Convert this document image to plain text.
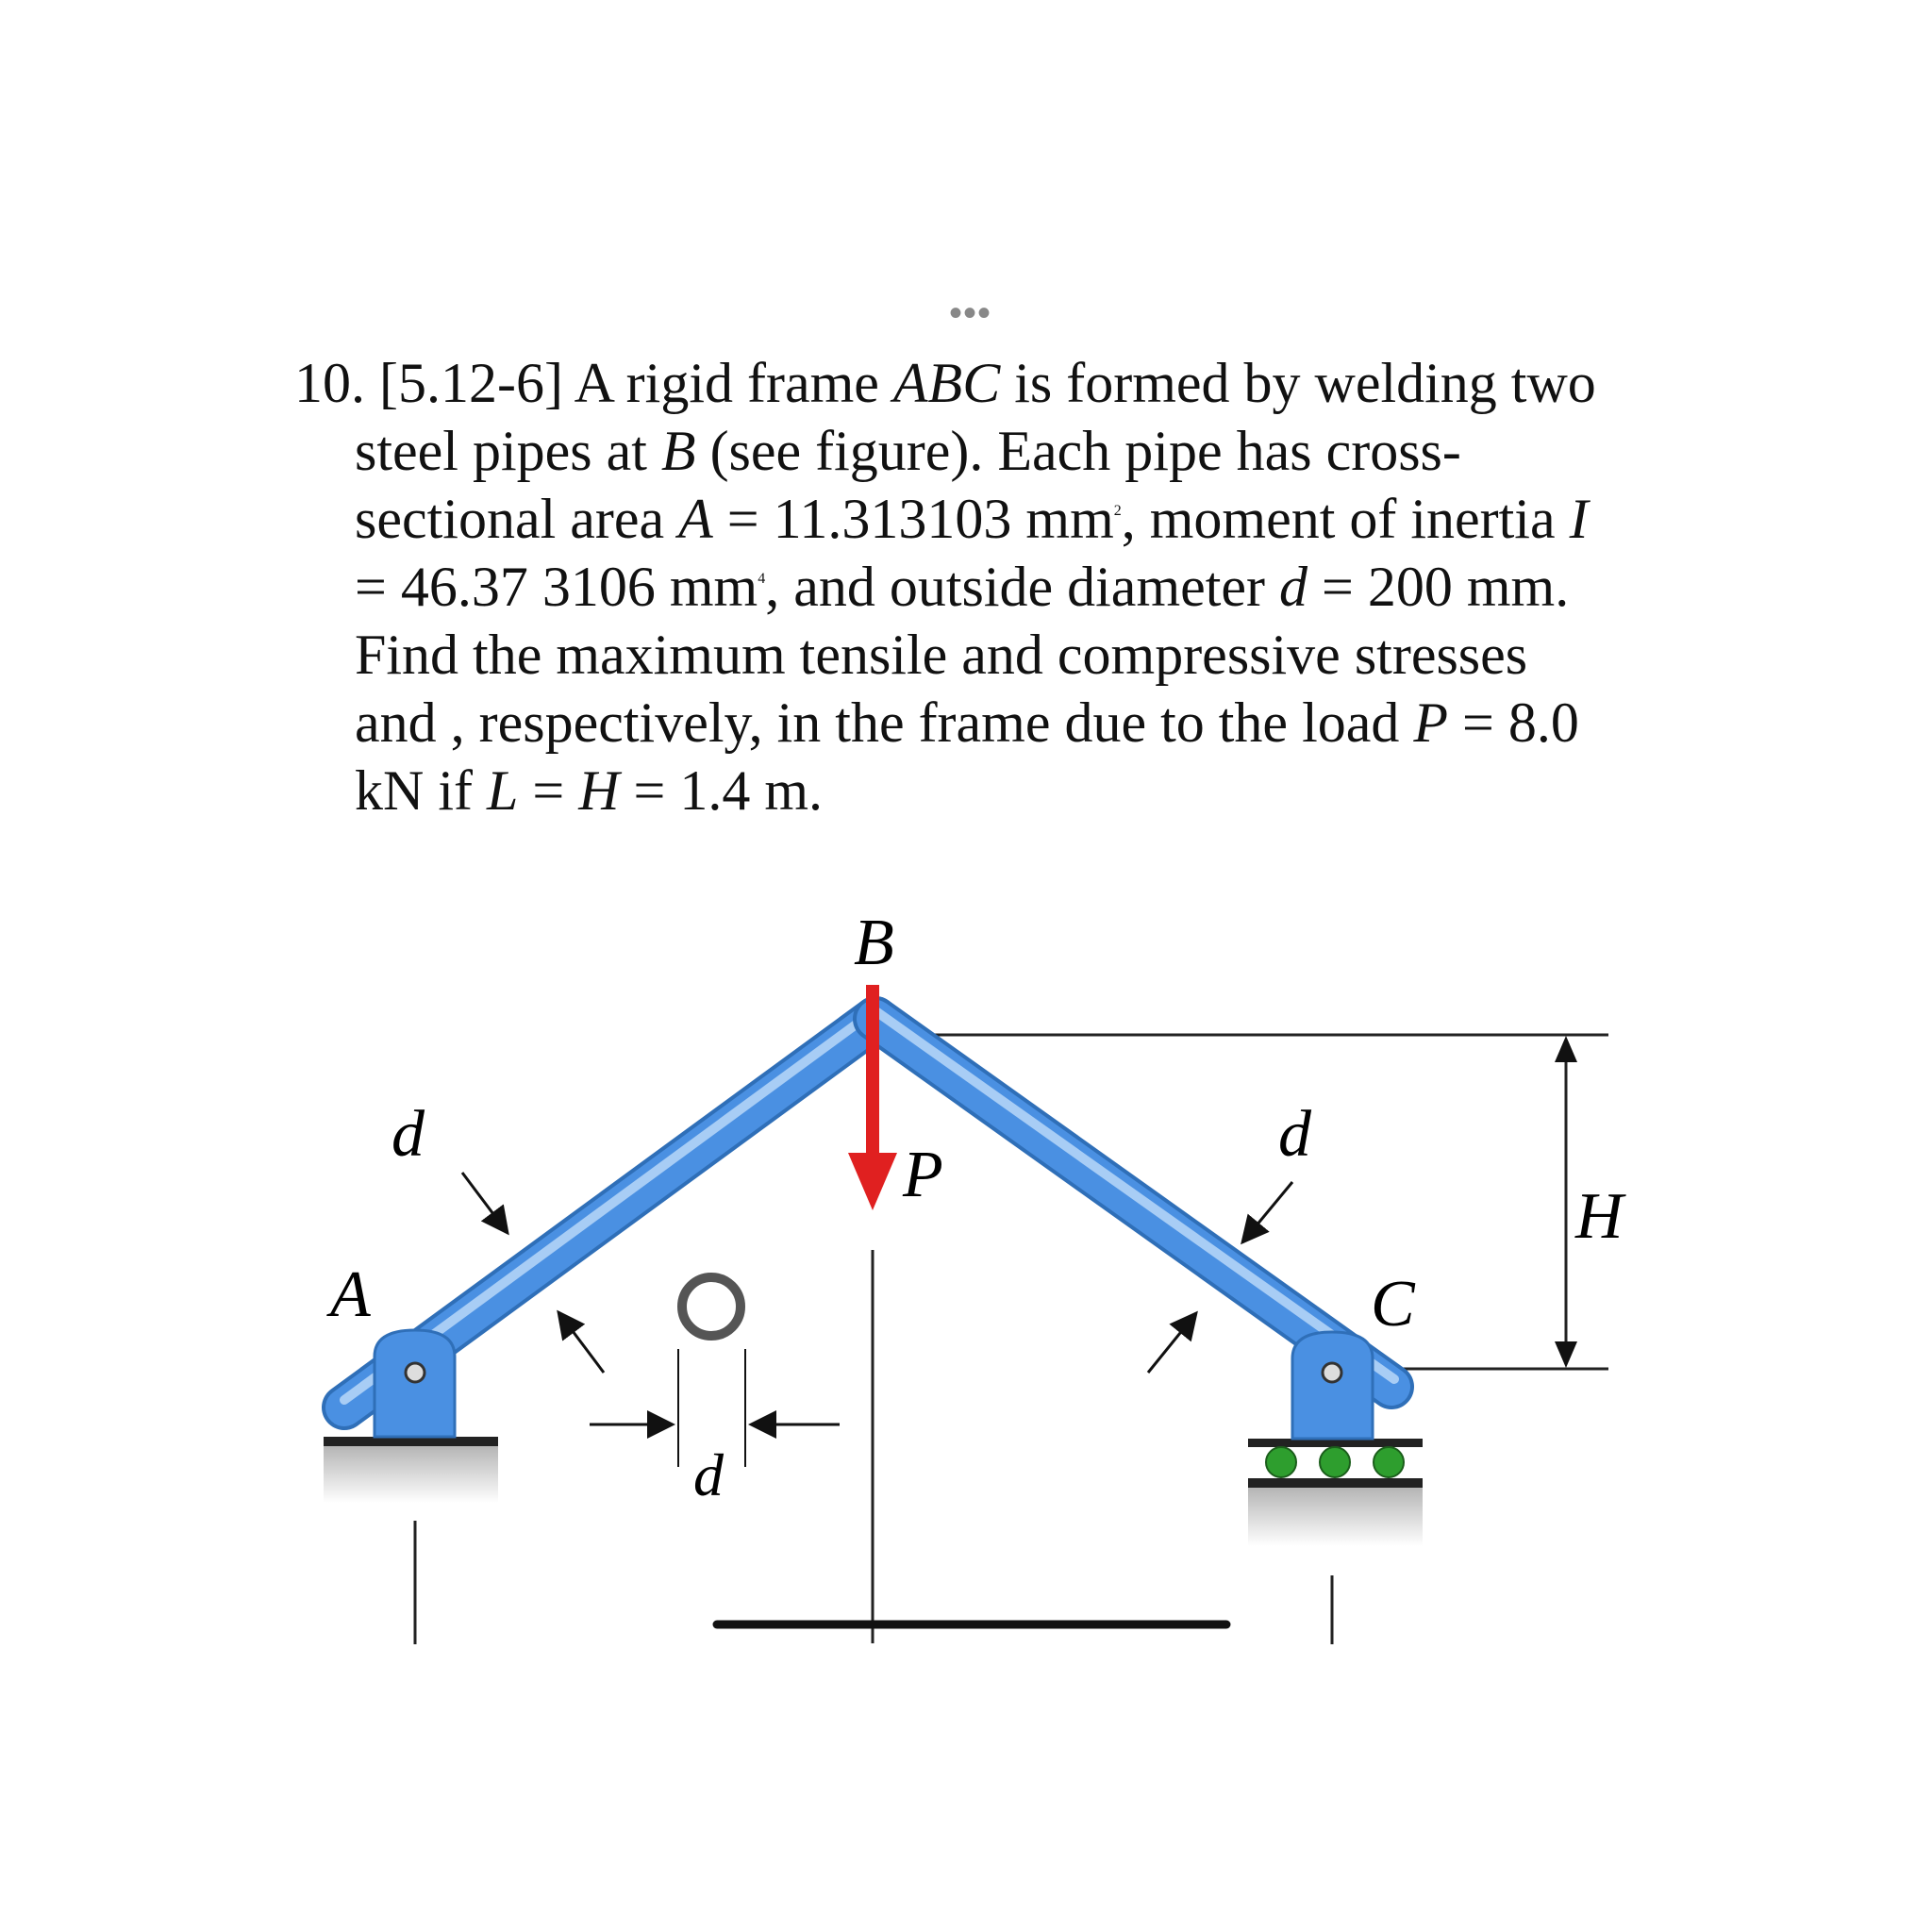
•••
10. [5.12-6] A rigid frame ABC is formed by welding two
steel pipes at B (see figure). Each pipe has cross-
sectional area A = 11.313103 $mm^2$, moment of inertia I
= 46.37 3106 $mm^4$, and outside diameter d = 200 mm.
Find the maximum tensile and compressive stresses
and , respectively, in the frame due to the load P = 8.0
kN if L = H = 1.4 m.
B
A	C
P
H
d	d
d
